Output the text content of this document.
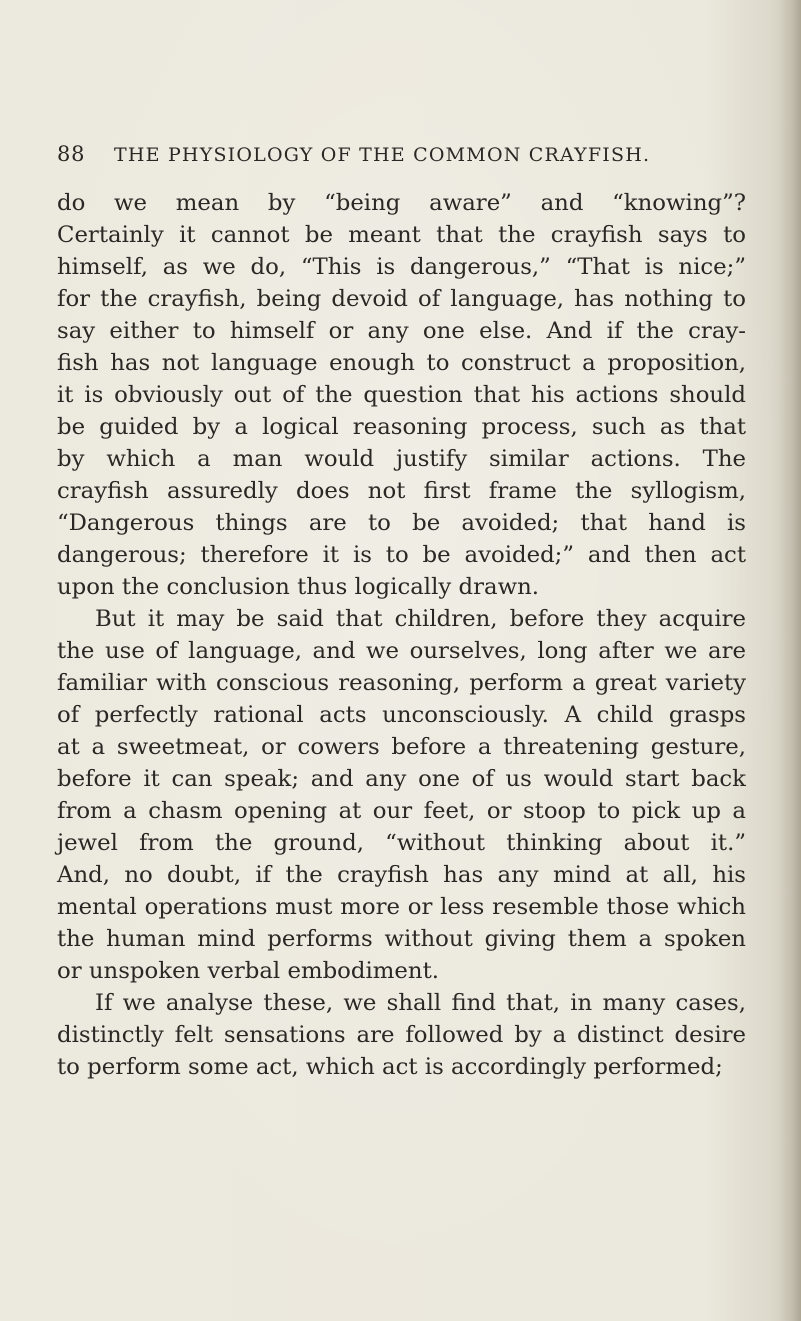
88 THE PHYSIOLOGY OF THE COMMON CRAYFISH.
do we mean by “being aware” and “knowing”?
Certainly it cannot be meant that the crayfish says to
himself, as we do, “This is dangerous,” “That is nice;”
for the crayfish, being devoid of language, has nothing to
say either to himself or any one else. And if the cray-
fish has not language enough to construct a proposition,
it is obviously out of the question that his actions should
be guided by a logical reasoning process, such as that
by which a man would justify similar actions. The
crayfish assuredly does not first frame the syllogism,
“Dangerous things are to be avoided; that hand is
dangerous; therefore it is to be avoided;” and then act
upon the conclusion thus logically drawn.
But it may be said that children, before they acquire
the use of language, and we ourselves, long after we are
familiar with conscious reasoning, perform a great variety
of perfectly rational acts unconsciously. A child grasps
at a sweetmeat, or cowers before a threatening gesture,
before it can speak; and any one of us would start back
from a chasm opening at our feet, or stoop to pick up a
jewel from the ground, “without thinking about it.”
And, no doubt, if the crayfish has any mind at all, his
mental operations must more or less resemble those which
the human mind performs without giving them a spoken
or unspoken verbal embodiment.
If we analyse these, we shall find that, in many cases,
distinctly felt sensations are followed by a distinct desire
to perform some act, which act is accordingly performed;
